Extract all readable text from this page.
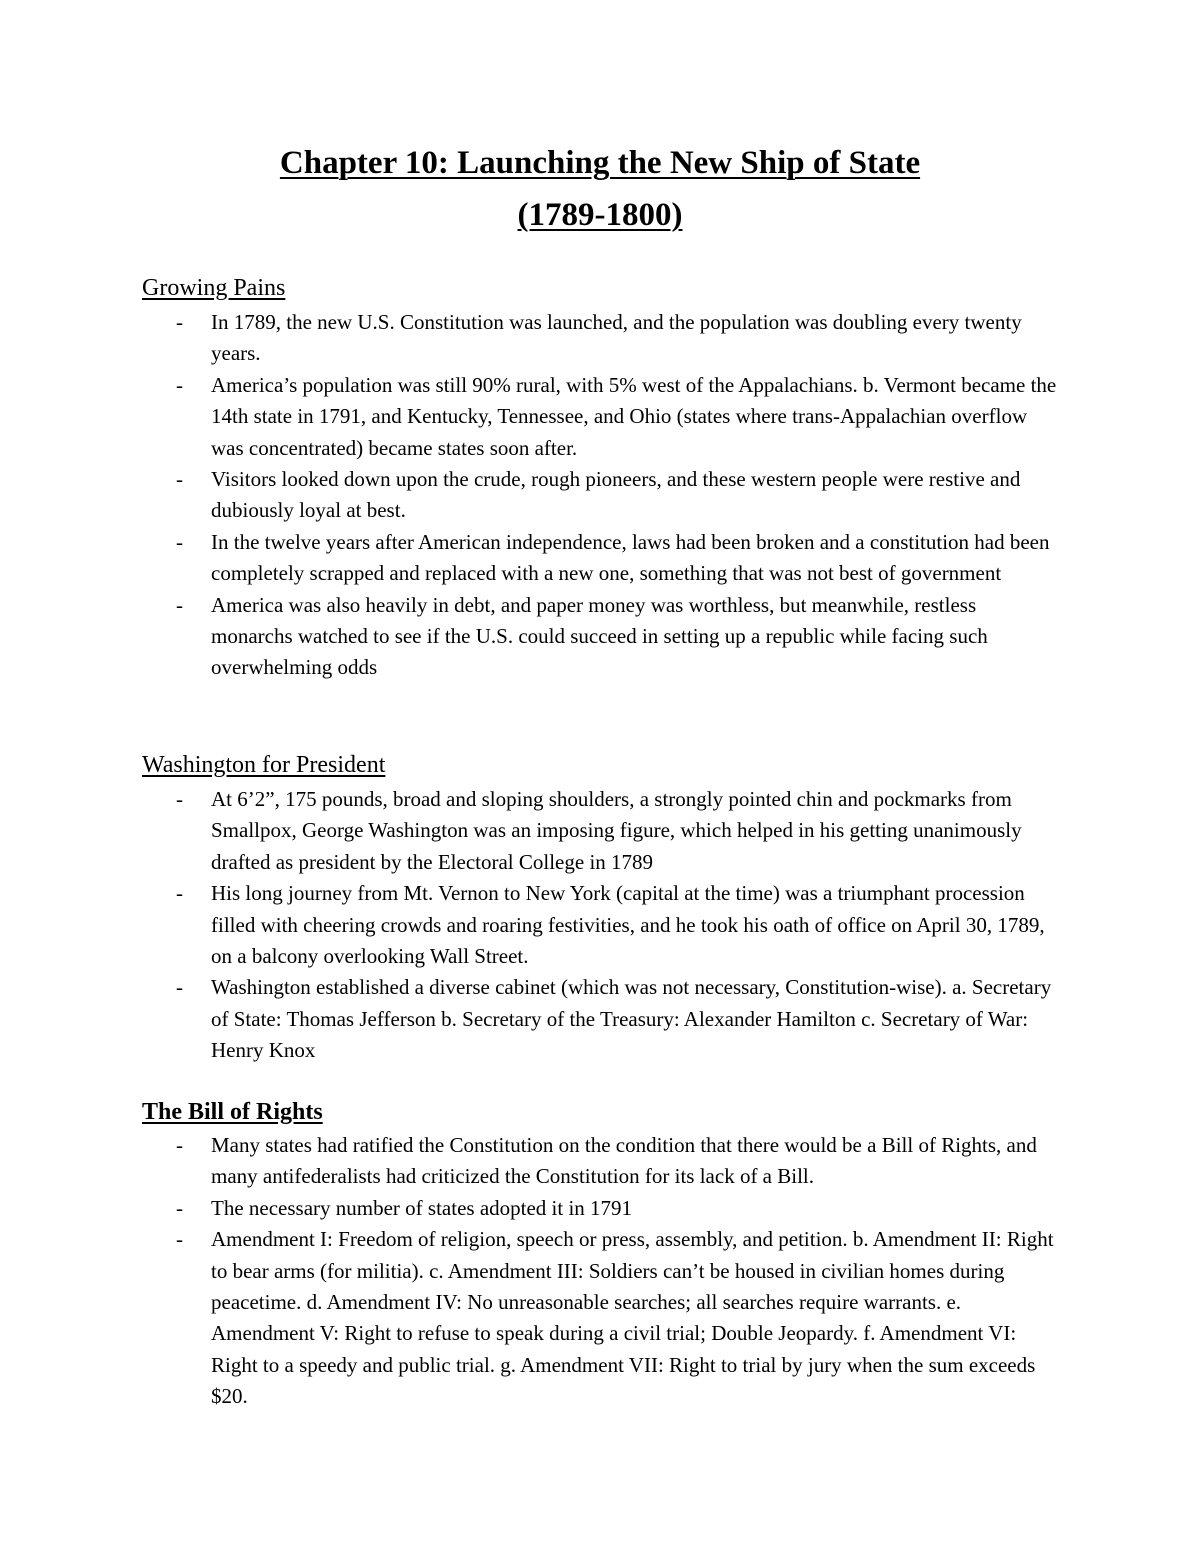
Chapter 10: Launching the New Ship of State
(1789-1800)
Growing Pains
- In 1789, the new U.S. Constitution was launched, and the population was doubling every twenty years.
- America’s population was still 90% rural, with 5% west of the Appalachians. b. Vermont became the 14th state in 1791, and Kentucky, Tennessee, and Ohio (states where trans-Appalachian overflow was concentrated) became states soon after.
- Visitors looked down upon the crude, rough pioneers, and these western people were restive and dubiously loyal at best.
- In the twelve years after American independence, laws had been broken and a constitution had been completely scrapped and replaced with a new one, something that was not best of government
- America was also heavily in debt, and paper money was worthless, but meanwhile, restless monarchs watched to see if the U.S. could succeed in setting up a republic while facing such overwhelming odds
Washington for President
- At 6’2”, 175 pounds, broad and sloping shoulders, a strongly pointed chin and pockmarks from Smallpox, George Washington was an imposing figure, which helped in his getting unanimously drafted as president by the Electoral College in 1789
- His long journey from Mt. Vernon to New York (capital at the time) was a triumphant procession filled with cheering crowds and roaring festivities, and he took his oath of office on April 30, 1789, on a balcony overlooking Wall Street.
- Washington established a diverse cabinet (which was not necessary, Constitution-wise). a. Secretary of State: Thomas Jefferson b. Secretary of the Treasury: Alexander Hamilton c. Secretary of War: Henry Knox
The Bill of Rights
- Many states had ratified the Constitution on the condition that there would be a Bill of Rights, and many antifederalists had criticized the Constitution for its lack of a Bill.
- The necessary number of states adopted it in 1791
- Amendment I: Freedom of religion, speech or press, assembly, and petition. b. Amendment II: Right to bear arms (for militia). c. Amendment III: Soldiers can’t be housed in civilian homes during peacetime. d. Amendment IV: No unreasonable searches; all searches require warrants. e. Amendment V: Right to refuse to speak during a civil trial; Double Jeopardy. f. Amendment VI: Right to a speedy and public trial. g. Amendment VII: Right to trial by jury when the sum exceeds $20.
